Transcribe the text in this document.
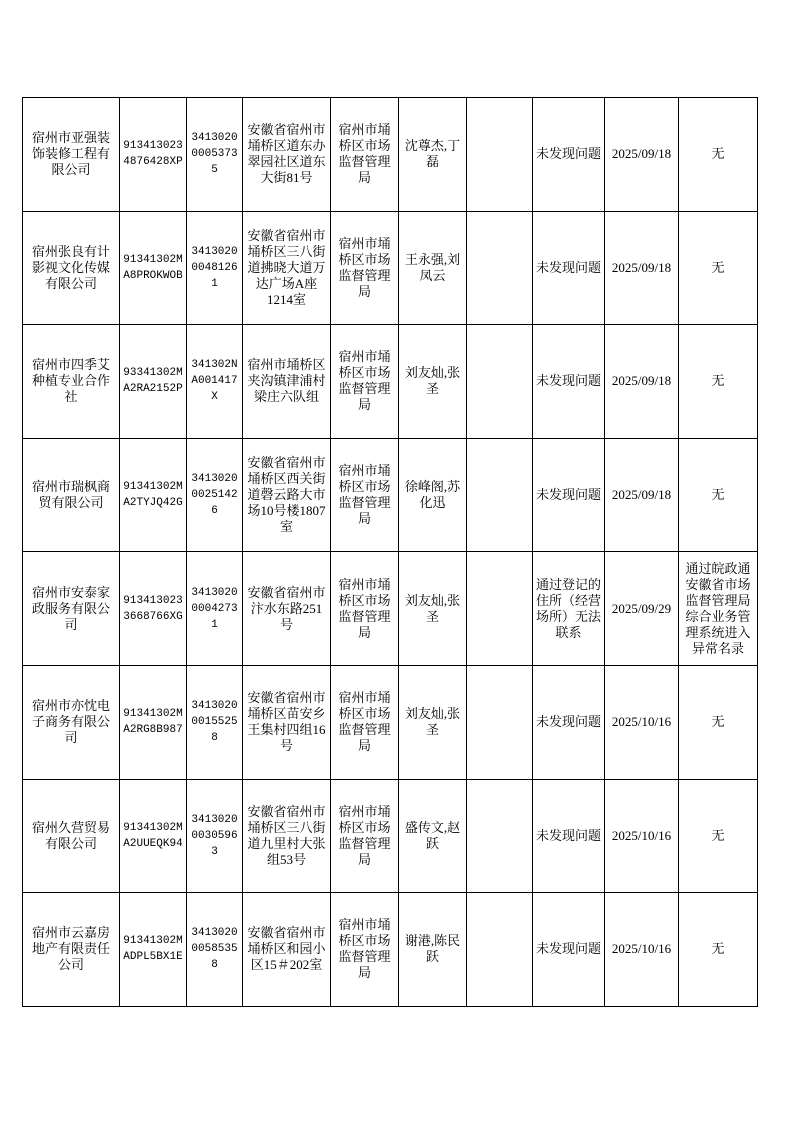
宿州市亚强装饰装修工程有限公司	9134130234876428XP	341302000053735	安徽省宿州市埇桥区道东办翠园社区道东大街81号	宿州市埇桥区市场监督管理局	沈尊杰,丁磊		未发现问题	2025/09/18	无

宿州张良有计影视文化传媒有限公司	91341302MA8PROKWOB	341302000481261	安徽省宿州市埇桥区三八街道拂晓大道万达广场A座1214室	宿州市埇桥区市场监督管理局	王永强,刘凤云		未发现问题	2025/09/18	无

宿州市四季艾种植专业合作社	93341302MA2RA2152P	341302NA001417X	宿州市埇桥区夹沟镇津浦村梁庄六队组	宿州市埇桥区市场监督管理局	刘友灿,张圣		未发现问题	2025/09/18	无

宿州市瑞枫商贸有限公司	91341302MA2TYJQ42G	341302000251426	安徽省宿州市埇桥区西关街道磬云路大市场10号楼1807室	宿州市埇桥区市场监督管理局	徐峰阁,苏化迅		未发现问题	2025/09/18	无

宿州市安泰家政服务有限公司	9134130233668766XG	341302000042731	安徽省宿州市汴水东路251号	宿州市埇桥区市场监督管理局	刘友灿,张圣		通过登记的住所（经营场所）无法联系	2025/09/29	通过皖政通安徽省市场监督管理局综合业务管理系统进入异常名录

宿州市亦忱电子商务有限公司	91341302MA2RG8B987	341302000155258	安徽省宿州市埇桥区苗安乡王集村四组16号	宿州市埇桥区市场监督管理局	刘友灿,张圣		未发现问题	2025/10/16	无

宿州久营贸易有限公司	91341302MA2UUEQK94	341302000305963	安徽省宿州市埇桥区三八街道九里村大张组53号	宿州市埇桥区市场监督管理局	盛传文,赵跃		未发现问题	2025/10/16	无

宿州市云嘉房地产有限责任公司	91341302MADPL5BX1E	341302000585358	安徽省宿州市埇桥区和园小区15＃202室	宿州市埇桥区市场监督管理局	谢港,陈民跃		未发现问题	2025/10/16	无
